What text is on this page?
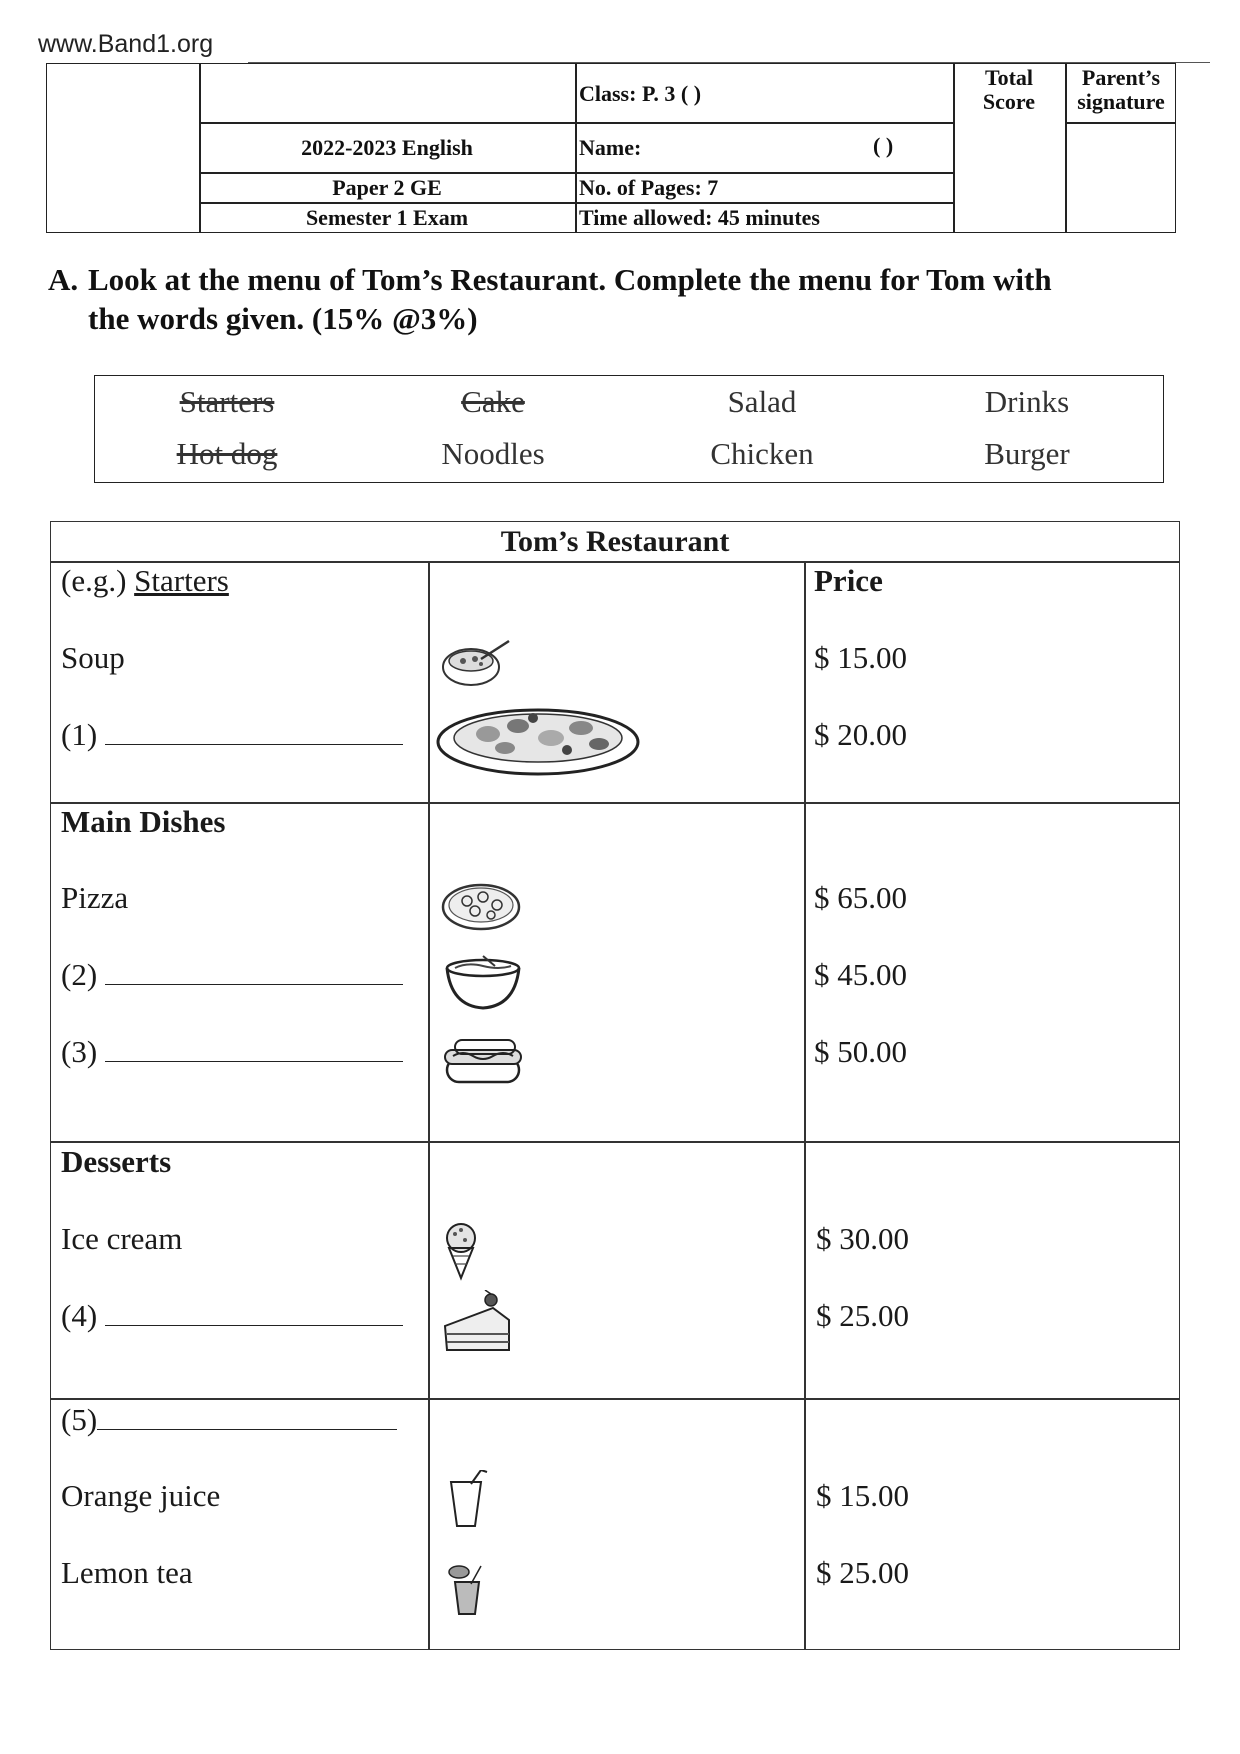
www.Band1.org
Class: P. 3 ( )
Total
Score
Parent’s
signature
2022-2023 English	Name:	( )
Paper 2 GE	No. of Pages: 7
Semester 1 Exam	Time allowed: 45 minutes
A. Look at the menu of Tom’s Restaurant. Complete the menu for Tom with
the words given. (15% @3%)
Starters	Cake	Salad	Drinks
Hot dog	Noodles	Chicken	Burger
Tom’s Restaurant
(e.g.) Starters	Price
Soup	$ 15.00
(1)	$ 20.00
Main Dishes
Pizza	$ 65.00
(2)	$ 45.00
(3)	$ 50.00
Desserts
Ice cream	$ 30.00
(4)	$ 25.00
(5)
Orange juice	$ 15.00
Lemon tea	$ 25.00
